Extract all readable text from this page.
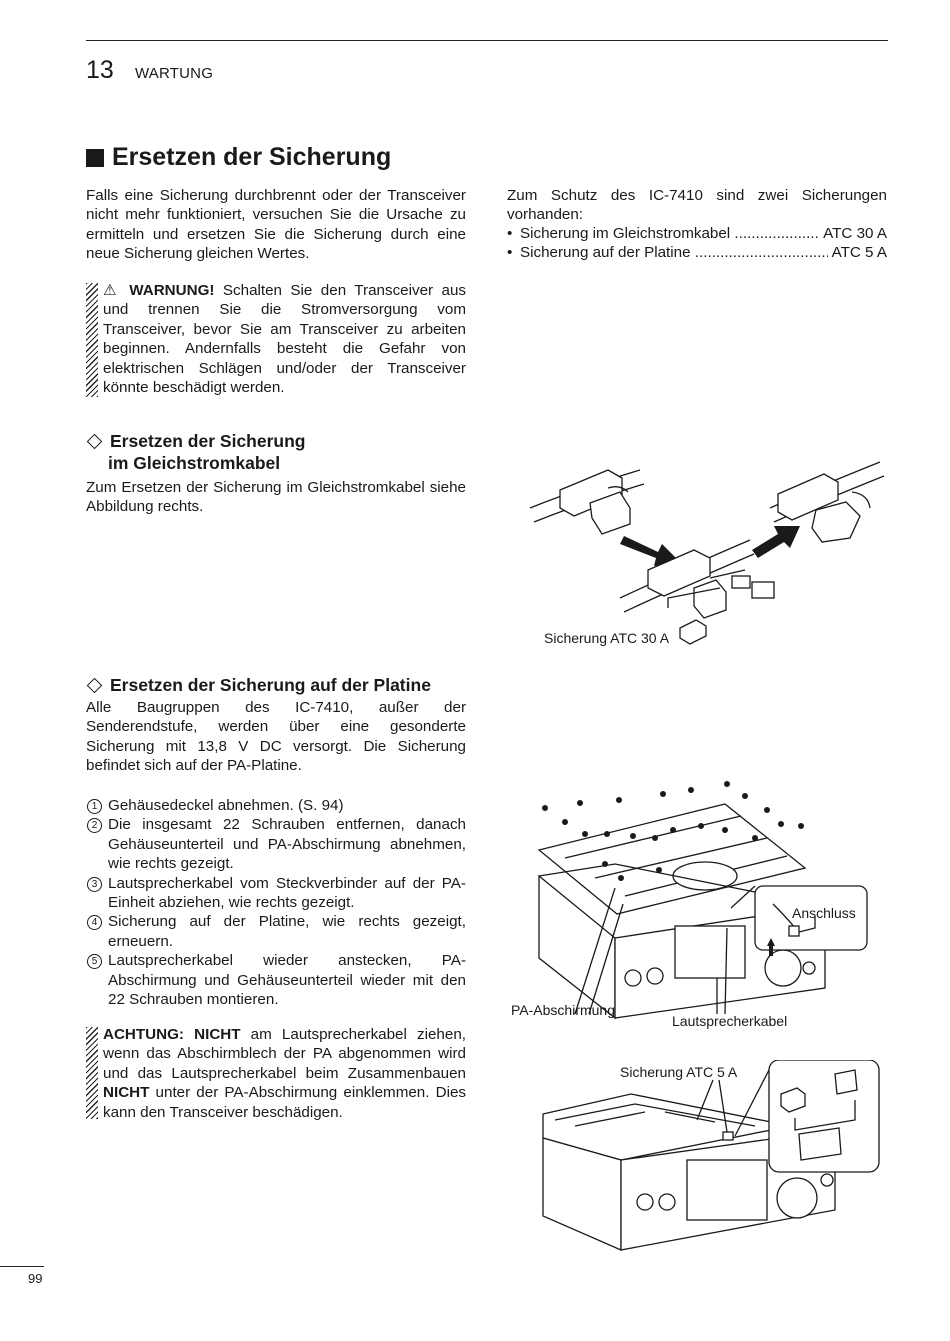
13 WARTUNG
Ersetzen der Sicherung
Falls eine Sicherung durchbrennt oder der Transceiver nicht mehr funktioniert, versuchen Sie die Ursache zu ermitteln und ersetzen Sie die Sicherung durch eine neue Sicherung gleichen Wertes.
⚠ WARNUNG! Schalten Sie den Transceiver aus und trennen Sie die Stromversorgung vom Transceiver, bevor Sie am Transceiver zu arbeiten beginnen. Andernfalls besteht die Gefahr von elektrischen Schlägen und/oder der Transceiver könnte beschädigt werden.
Zum Schutz des IC-7410 sind zwei Sicherungen vorhanden:
• Sicherung im Gleichstromkabel .....	ATC 30 A
• Sicherung auf der Platine .....	ATC 5 A
Ersetzen der Sicherung
im Gleichstromkabel
Zum Ersetzen der Sicherung im Gleichstromkabel siehe Abbildung rechts.
Sicherung ATC 30 A
Ersetzen der Sicherung auf der Platine
Alle Baugruppen des IC-7410, außer der Senderendstufe, werden über eine gesonderte Sicherung mit 13,8 V DC versorgt. Die Sicherung befindet sich auf der PA-Platine.
1 Gehäusedeckel abnehmen. (S. 94)
2 Die insgesamt 22 Schrauben entfernen, danach Gehäuseunterteil und PA-Abschirmung abnehmen, wie rechts gezeigt.
3 Lautsprecherkabel vom Steckverbinder auf der PA-Einheit abziehen, wie rechts gezeigt.
4 Sicherung auf der Platine, wie rechts gezeigt, erneuern.
5 Lautsprecherkabel wieder anstecken, PA-Abschirmung und Gehäuseunterteil wieder mit den 22 Schrauben montieren.
ACHTUNG: NICHT am Lautsprecherkabel ziehen, wenn das Abschirmblech der PA abgenommen wird und das Lautsprecherkabel beim Zusammenbauen NICHT unter der PA-Abschirmung einklemmen. Dies kann den Transceiver beschädigen.
Anschluss
PA-Abschirmung
Lautsprecherkabel
Sicherung ATC 5 A
99
